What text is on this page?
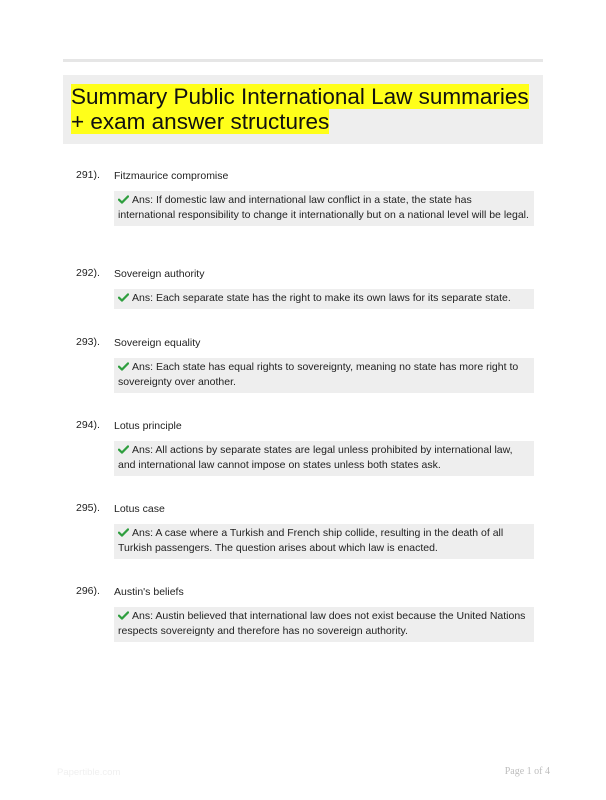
Summary Public International Law summaries + exam answer structures
291). Fitzmaurice compromise
Ans: If domestic law and international law conflict in a state, the state has international responsibility to change it internationally but on a national level will be legal.
292). Sovereign authority
Ans: Each separate state has the right to make its own laws for its separate state.
293). Sovereign equality
Ans: Each state has equal rights to sovereignty, meaning no state has more right to sovereignty over another.
294). Lotus principle
Ans: All actions by separate states are legal unless prohibited by international law, and international law cannot impose on states unless both states ask.
295). Lotus case
Ans: A case where a Turkish and French ship collide, resulting in the death of all Turkish passengers. The question arises about which law is enacted.
296). Austin's beliefs
Ans: Austin believed that international law does not exist because the United Nations respects sovereignty and therefore has no sovereign authority.
Papertible.com	Page 1 of 4
